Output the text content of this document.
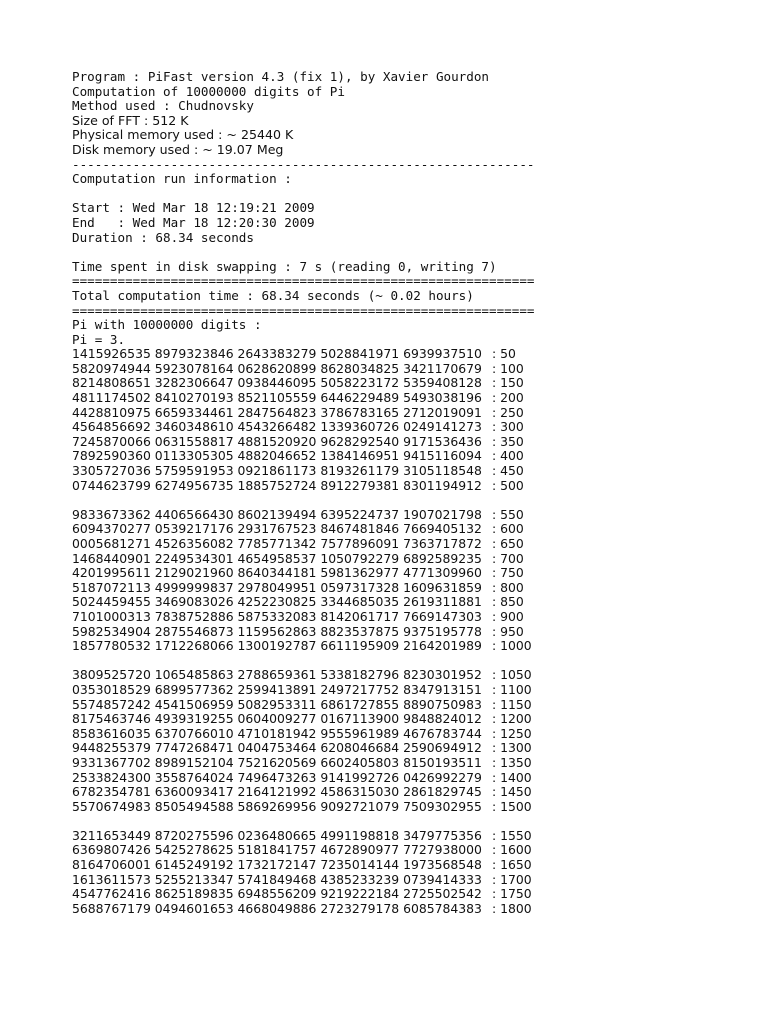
Program : PiFast version 4.3 (fix 1), by Xavier Gourdon
Computation of 10000000 digits of Pi
Method used : Chudnovsky
Size of FFT : 512 K
Physical memory used : ~ 25440 K
Disk memory used : ~ 19.07 Meg
-------------------------------------------------------------
Computation run information :
Start : Wed Mar 18 12:19:21 2009
End   : Wed Mar 18 12:20:30 2009
Duration : 68.34 seconds
Time spent in disk swapping : 7 s (reading 0, writing 7)
=============================================================
Total computation time : 68.34 seconds (~ 0.02 hours)
=============================================================
Pi with 10000000 digits :
Pi = 3.
1415926535 8979323846 2643383279 5028841971 6939937510 : 50
5820974944 5923078164 0628620899 8628034825 3421170679 : 100
8214808651 3282306647 0938446095 5058223172 5359408128 : 150
4811174502 8410270193 8521105559 6446229489 5493038196 : 200
4428810975 6659334461 2847564823 3786783165 2712019091 : 250
4564856692 3460348610 4543266482 1339360726 0249141273 : 300
7245870066 0631558817 4881520920 9628292540 9171536436 : 350
7892590360 0113305305 4882046652 1384146951 9415116094 : 400
3305727036 5759591953 0921861173 8193261179 3105118548 : 450
0744623799 6274956735 1885752724 8912279381 8301194912 : 500
9833673362 4406566430 8602139494 6395224737 1907021798 : 550
6094370277 0539217176 2931767523 8467481846 7669405132 : 600
0005681271 4526356082 7785771342 7577896091 7363717872 : 650
1468440901 2249534301 4654958537 1050792279 6892589235 : 700
4201995611 2129021960 8640344181 5981362977 4771309960 : 750
5187072113 4999999837 2978049951 0597317328 1609631859 : 800
5024459455 3469083026 4252230825 3344685035 2619311881 : 850
7101000313 7838752886 5875332083 8142061717 7669147303 : 900
5982534904 2875546873 1159562863 8823537875 9375195778 : 950
1857780532 1712268066 1300192787 6611195909 2164201989 : 1000
3809525720 1065485863 2788659361 5338182796 8230301952 : 1050
0353018529 6899577362 2599413891 2497217752 8347913151 : 1100
5574857242 4541506959 5082953311 6861727855 8890750983 : 1150
8175463746 4939319255 0604009277 0167113900 9848824012 : 1200
8583616035 6370766010 4710181942 9555961989 4676783744 : 1250
9448255379 7747268471 0404753464 6208046684 2590694912 : 1300
9331367702 8989152104 7521620569 6602405803 8150193511 : 1350
2533824300 3558764024 7496473263 9141992726 0426992279 : 1400
6782354781 6360093417 2164121992 4586315030 2861829745 : 1450
5570674983 8505494588 5869269956 9092721079 7509302955 : 1500
3211653449 8720275596 0236480665 4991198818 3479775356 : 1550
6369807426 5425278625 5181841757 4672890977 7727938000 : 1600
8164706001 6145249192 1732172147 7235014144 1973568548 : 1650
1613611573 5255213347 5741849468 4385233239 0739414333 : 1700
4547762416 8625189835 6948556209 9219222184 2725502542 : 1750
5688767179 0494601653 4668049886 2723279178 6085784383 : 1800
